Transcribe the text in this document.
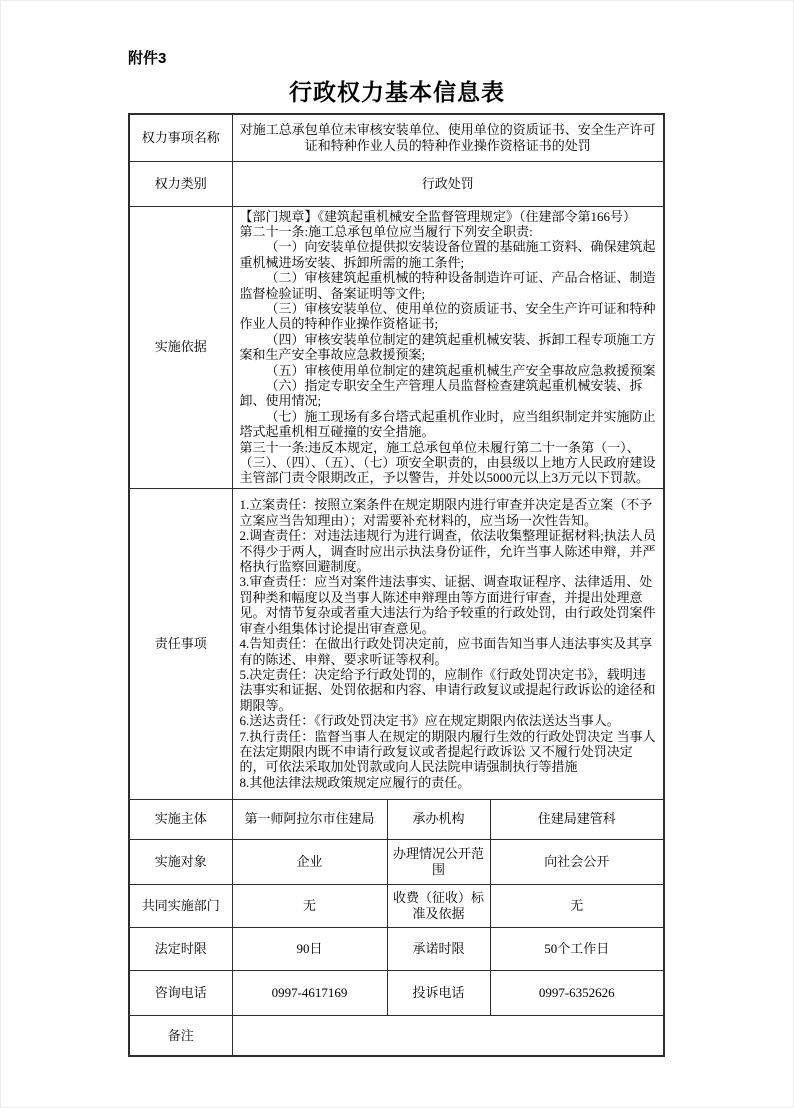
附件3
行政权力基本信息表
权力事项名称	对施工总承包单位未审核安装单位、使用单位的资质证书、安全生产许可证和特种作业人员的特种作业操作资格证书的处罚		
权力类别	行政处罚		
实施依据	

【部门规章】《建筑起重机械安全监督管理规定》（住建部令第166号）

第二十一条:施工总承包单位应当履行下列安全职责:

（一）向安装单位提供拟安装设备位置的基础施工资料、确保建筑起重机械进场安装、拆卸所需的施工条件;

（二）审核建筑起重机械的特种设备制造许可证、产品合格证、制造监督检验证明、备案证明等文件;

（三）审核安装单位、使用单位的资质证书、安全生产许可证和特种作业人员的特种作业操作资格证书;

（四）审核安装单位制定的建筑起重机械安装、拆卸工程专项施工方案和生产安全事故应急救援预案;

（五）审核使用单位制定的建筑起重机械生产安全事故应急救援预案

（六）指定专职安全生产管理人员监督检查建筑起重机械安装、拆卸、使用情况;

（七）施工现场有多台塔式起重机作业时，应当组织制定并实施防止塔式起重机相互碰撞的安全措施。

第三十一条:违反本规定，施工总承包单位未履行第二十一条第（一）、（三）、（四）、（五）、（七）项安全职责的，由县级以上地方人民政府建设主管部门责令限期改正，予以警告，并处以5000元以上3万元以下罚款。

责任事项	

1.立案责任：按照立案条件在规定期限内进行审查并决定是否立案（不予立案应当告知理由）；对需要补充材料的，应当场一次性告知。

2.调查责任：对违法违规行为进行调查，依法收集整理证据材料;执法人员不得少于两人，调查时应出示执法身份证件，允许当事人陈述申辩，并严格执行监察回避制度。

3.审查责任：应当对案件违法事实、证据、调查取证程序、法律适用、处罚种类和幅度以及当事人陈述申辩理由等方面进行审查，并提出处理意见。对情节复杂或者重大违法行为给予较重的行政处罚，由行政处罚案件审查小组集体讨论提出审查意见。

4.告知责任：在做出行政处罚决定前，应书面告知当事人违法事实及其享有的陈述、申辩、要求听证等权利。

5.决定责任：决定给予行政处罚的，应制作《行政处罚决定书》，载明违法事实和证据、处罚依据和内容、申请行政复议或提起行政诉讼的途径和期限等。

6.送达责任：《行政处罚决定书》应在规定期限内依法送达当事人。

7.执行责任：监督当事人在规定的期限内履行生效的行政处罚决定 当事人在法定期限内既不申请行政复议或者提起行政诉讼 又不履行处罚决定的，可依法采取加处罚款或向人民法院申请强制执行等措施

8.其他法律法规政策规定应履行的责任。

实施主体	第一师阿拉尔市住建局	承办机构	住建局建管科
实施对象	企业	办理情况公开范围	向社会公开
共同实施部门	无	收费（征收）标准及依据	无
法定时限	90日	承诺时限	50个工作日
咨询电话	0997-4617169	投诉电话	0997-6352626
备注			
